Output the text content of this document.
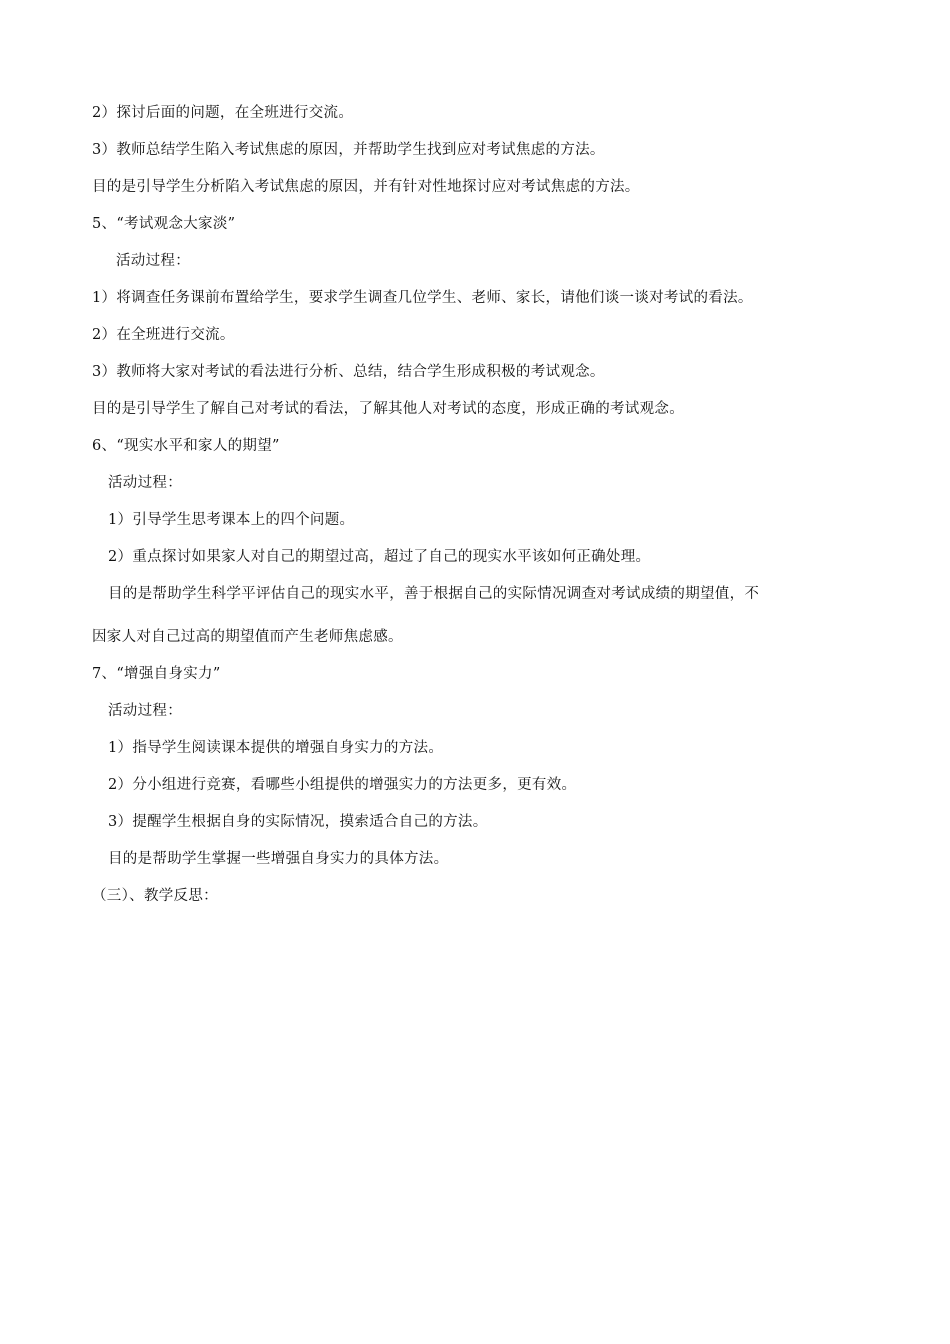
2）探讨后面的问题，在全班进行交流。
3）教师总结学生陷入考试焦虑的原因，并帮助学生找到应对考试焦虑的方法。
目的是引导学生分析陷入考试焦虑的原因，并有针对性地探讨应对考试焦虑的方法。
5、“考试观念大家淡”
活动过程：
1）将调查任务课前布置给学生，要求学生调查几位学生、老师、家长，请他们谈一谈对考试的看法。
2）在全班进行交流。
3）教师将大家对考试的看法进行分析、总结，结合学生形成积极的考试观念。
目的是引导学生了解自己对考试的看法，了解其他人对考试的态度，形成正确的考试观念。
6、“现实水平和家人的期望”
活动过程：
1）引导学生思考课本上的四个问题。
2）重点探讨如果家人对自己的期望过高，超过了自己的现实水平该如何正确处理。
目的是帮助学生科学平评估自己的现实水平，善于根据自己的实际情况调查对考试成绩的期望值，不
因家人对自己过高的期望值而产生老师焦虑感。
7、“增强自身实力”
活动过程：
1）指导学生阅读课本提供的增强自身实力的方法。
2）分小组进行竞赛，看哪些小组提供的增强实力的方法更多，更有效。
3）提醒学生根据自身的实际情况，摸索适合自己的方法。
目的是帮助学生掌握一些增强自身实力的具体方法。
（三）、教学反思：
